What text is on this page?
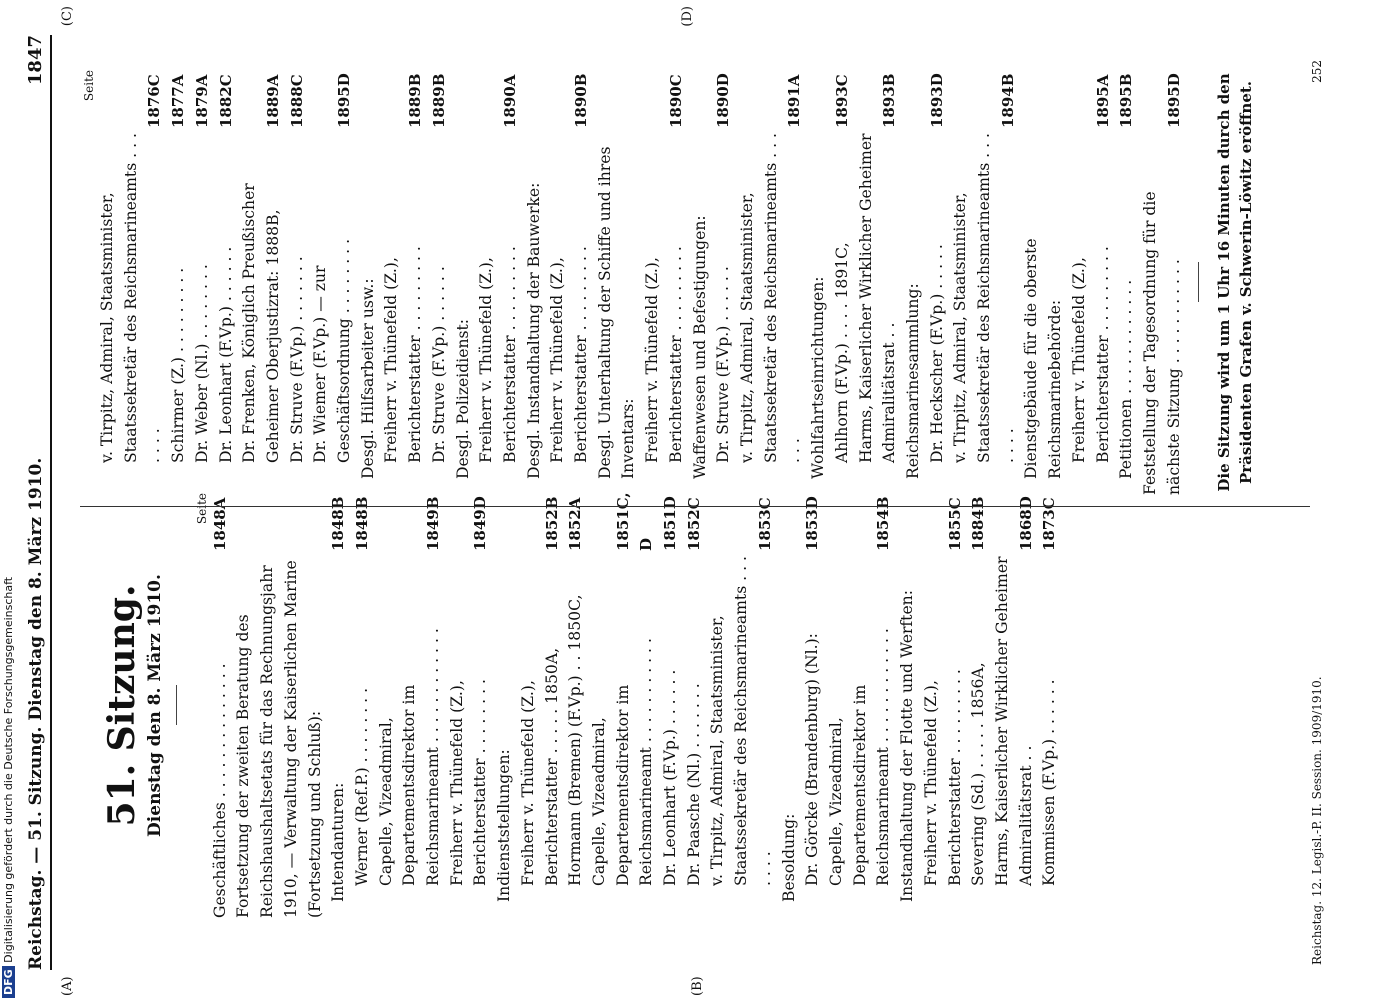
Reichstag. — 51. Sitzung. Dienstag den 8. März 1910.
1847
(A)	(B)
(C)	(D)
51. Sitzung. Dienstag den 8. März 1910.
Seite
Geschäftliches . . . . . . . . . . . . . .
1848A
Fortsetzung der zweiten Beratung des Reichshaushaltsetats für das Rechnungsjahr 1910, — Verwaltung der Kaiserlichen Marine (Fortsetzung und Schluß): Intendanturen:
1848B
Werner (Ref.P.) . . . . . . . .
1848B
Capelle, Vizeadmiral, Departementsdirektor im Reichsmarineamt . . . . . . . . . . . .
1849B
Freiherr v. Thünefeld (Z.), Berichterstatter . . . . . . . .
1849D
Indienststellungen: Freiherr v. Thünefeld (Z.), Berichterstatter . . . . . 1850A,
1852B
Hormann (Bremen) (F.Vp.) . . 1850C,
1852A
Capelle, Vizeadmiral, Departementsdirektor im Reichsmarineamt . . . . . . . . . . .
1851C, D
Dr. Leonhart (F.Vp.) . . . . . .
1851D
Dr. Paasche (Nl.) . . . . . . .
1852C
v. Tirpitz, Admiral, Staatsminister, Staatssekretär des Reichsmarineamts . . . . . . .
1853C
Besoldung: Dr. Görcke (Brandenburg) (Nl.):
1853D
Capelle, Vizeadmiral, Departementsdirektor im Reichsmarineamt . . . . . . . . . . . .
1854B
Instandhaltung der Flotte und Werften: Freiherr v. Thünefeld (Z.), Berichterstatter . . . . . . . . .
1855C
Severing (Sd.) . . . . . 1856A,
1884B
Harms, Kaiserlicher Wirklicher Geheimer Admiralitätsrat . .
1868D
Kommissen (F.Vp.) . . . . . .
1873C
Seite
v. Tirpitz, Admiral, Staatsminister, Staatssekretär des Reichsmarineamts . . . . . . .
1876C
Schirmer (Z.) . . . . . . . . .
1877A
Dr. Weber (Nl.) . . . . . . . .
1879A
Dr. Leonhart (F.Vp.) . . . . . .
1882C
Dr. Frenken, Königlich Preußischer Geheimer Oberjustizrat: 1888B,
1889A
Dr. Struve (F.Vp.) . . . . . . .
1888C
Dr. Wiemer (F.Vp.) — zur Geschäftsordnung . . . . . . . .
1895D
Desgl. Hilfsarbeiter usw.: Freiherr v. Thünefeld (Z.), Berichterstatter . . . . . . . . .
1889B
Dr. Struve (F.Vp.) . . . . . .
1889B
Desgl. Polizeidienst: Freiherr v. Thünefeld (Z.), Berichterstatter . . . . . . . . .
1890A
Desgl. Instandhaltung der Bauwerke: Freiherr v. Thünefeld (Z.), Berichterstatter . . . . . . . . .
1890B
Desgl. Unterhaltung der Schiffe und ihres Inventars: Freiherr v. Thünefeld (Z.), Berichterstatter . . . . . . . . .
1890C
Waffenwesen und Befestigungen: Dr. Struve (F.Vp.) . . . . . .
1890D
v. Tirpitz, Admiral, Staatsminister, Staatssekretär des Reichsmarineamts . . . . . .
1891A
Wohlfahrtseinrichtungen: Ahlhorn (F.Vp.) . . . . 1891C,
1893C
Harms, Kaiserlicher Wirklicher Geheimer Admiralitätsrat . .
1893B
Reichsmarinesammlung: Dr. Heckscher (F.Vp.) . . . . .
1893D
v. Tirpitz, Admiral, Staatsminister, Staatssekretär des Reichsmarineamts . . . . . . .
1894B
Dienstgebäude für die oberste Reichsmarinebehörde: Freiherr v. Thünefeld (Z.), Berichterstatter . . . . . . . . .
1895A
Petitionen . . . . . . . . . . . .
1895B
Feststellung der Tagesordnung für die nächste Sitzung . . . . . . . . . . .
1895D Die Sitzung wird um 1 Uhr 16 Minuten durch den Präsidenten Grafen v. Schwerin-Löwitz eröffnet.
Reichstag. 12. Legisl.-P. II. Session. 1909/1910.
252
DFG Digitalisierung gefördert durch die Deutsche Forschungsgemeinschaft
